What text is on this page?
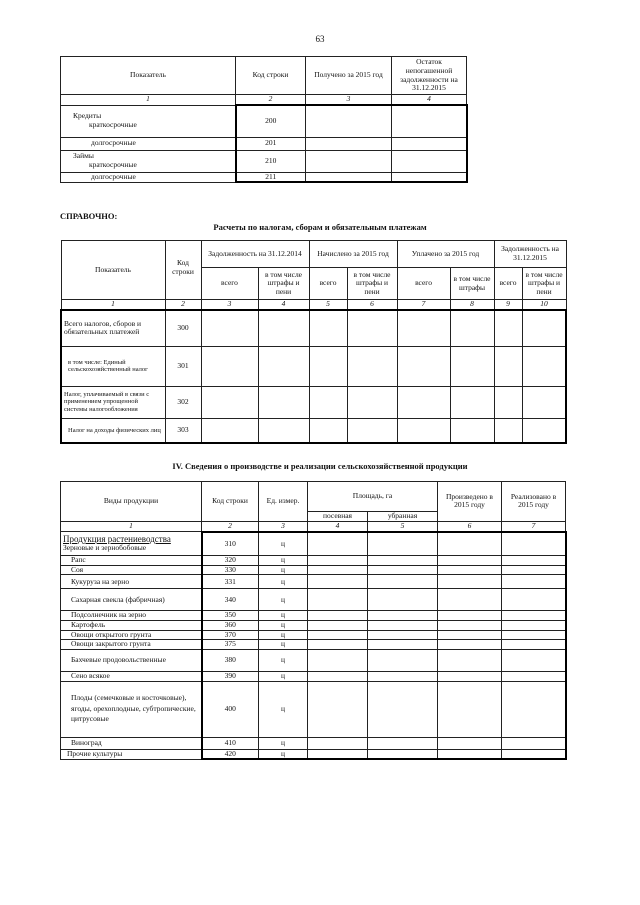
63
Показатель	Код строки	Получено за 2015 год	Остаток непогашенной задолженности на 31.12.2015
1	2	3	4

Кредиты
краткосрочные	200		
долгосрочные	201		

Займы
краткосрочные	210		
долгосрочные	211		
СПРАВОЧНО:
Расчеты по налогам, сборам и обязательным платежам
Показатель	Код строки	Задолженность на 31.12.2014		Начислено за 2015 год		Уплачено за 2015 год		Задолженность на 31.12.2015	
		всего	в том числе штрафы и пени	всего	в том числе штрафы и пени	всего	в том числе штрафы	всего	в том числе штрафы и пени
1	2	3	4	5	6	7	8	9	10
Всего налогов, сборов и обязательных платежей	300								
в том числе: Единый сельскохозяйственный налог	301								
Налог, уплачиваемый в связи с применением упрощенной системы налогообложения	302								
Налог на доходы физических лиц	303								
IV. Сведения о производстве и реализации сельскохозяйственной продукции
Виды продукции	Код строки	Ед. измер.	Площадь, га		Произведено в 2015 году	Реализовано в 2015 году
			посевная	убранная		
1	2	3	4	5	6	7

Продукция растениеводства
Зерновые и зернобобовые	310	ц				
Рапс	320	ц				
Соя	330	ц				
Кукуруза на зерно	331	ц				
Сахарная свекла (фабричная)	340	ц				
Подсолнечник на зерно	350	ц				
Картофель	360	ц				
Овощи открытого грунта	370	ц				
Овощи закрытого грунта	375	ц				
Бахчевые продовольственные	380	ц				
Сено всякое	390	ц				
Плоды (семечковые и косточковые), ягоды, орехоплодные, субтропические, цитрусовые	400	ц				
Виноград	410	ц				
Прочие культуры	420	ц				
